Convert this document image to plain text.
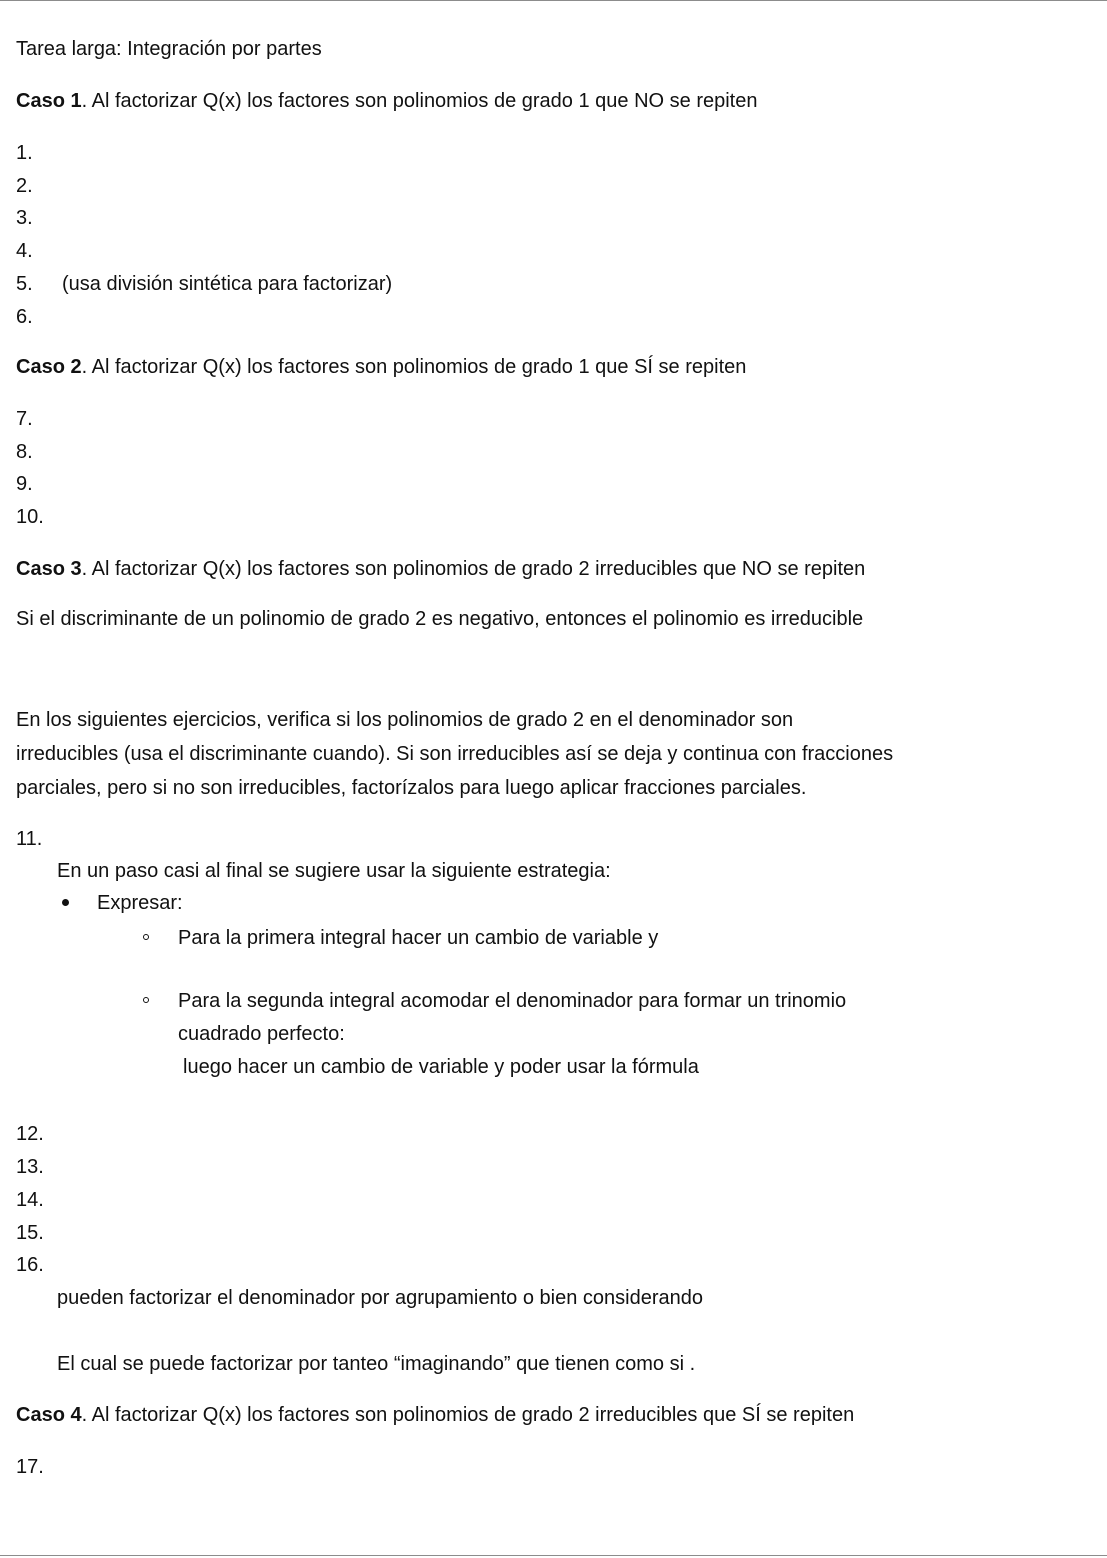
Tarea larga: Integración por partes
Caso 1. Al factorizar Q(x) los factores son polinomios de grado 1 que NO se repiten
1.
2.
3.
4.
5. (usa división sintética para factorizar)
6.
Caso 2. Al factorizar Q(x) los factores son polinomios de grado 1 que SÍ se repiten
7.
8.
9.
10.
Caso 3. Al factorizar Q(x) los factores son polinomios de grado 2 irreducibles que NO se repiten
Si el discriminante de un polinomio de grado 2 es negativo, entonces el polinomio es irreducible
En los siguientes ejercicios, verifica si los polinomios de grado 2 en el denominador son
irreducibles (usa el discriminante cuando). Si son irreducibles así se deja y continua con fracciones
parciales, pero si no son irreducibles, factorízalos para luego aplicar fracciones parciales.
11.
En un paso casi al final se sugiere usar la siguiente estrategia:
Expresar:
Para la primera integral hacer un cambio de variable y
Para la segunda integral acomodar el denominador para formar un trinomio
cuadrado perfecto:
luego hacer un cambio de variable y poder usar la fórmula
12.
13.
14.
15.
16.
pueden factorizar el denominador por agrupamiento o bien considerando
El cual se puede factorizar por tanteo “imaginando” que tienen como si .
Caso 4. Al factorizar Q(x) los factores son polinomios de grado 2 irreducibles que SÍ se repiten
17.
